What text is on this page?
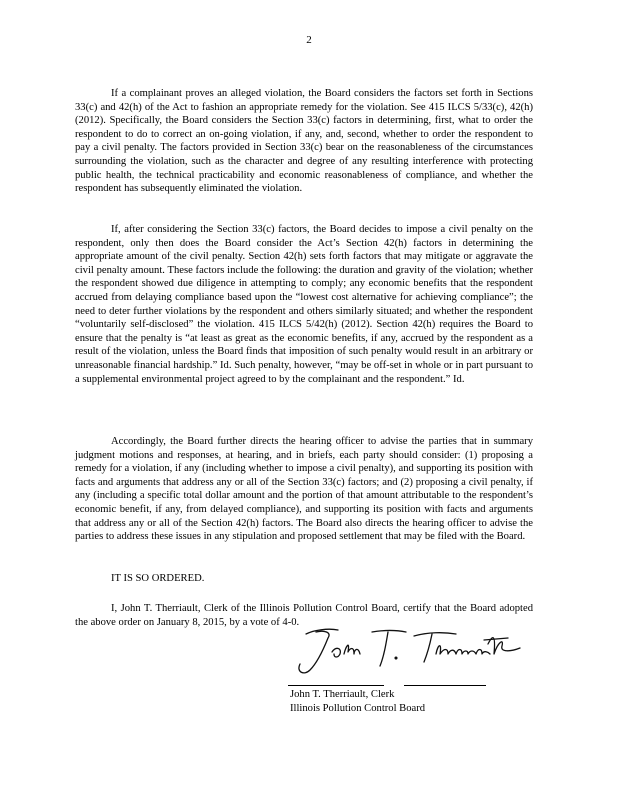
2

If a complainant proves an alleged violation, the Board considers the factors set forth in Sections 33(c) and 42(h) of the Act to fashion an appropriate remedy for the violation. See 415 ILCS 5/33(c), 42(h) (2012). Specifically, the Board considers the Section 33(c) factors in determining, first, what to order the respondent to do to correct an on-going violation, if any, and, second, whether to order the respondent to pay a civil penalty. The factors provided in Section 33(c) bear on the reasonableness of the circumstances surrounding the violation, such as the character and degree of any resulting interference with protecting public health, the technical practicability and economic reasonableness of compliance, and whether the respondent has subsequently eliminated the violation.

If, after considering the Section 33(c) factors, the Board decides to impose a civil penalty on the respondent, only then does the Board consider the Act’s Section 42(h) factors in determining the appropriate amount of the civil penalty. Section 42(h) sets forth factors that may mitigate or aggravate the civil penalty amount. These factors include the following: the duration and gravity of the violation; whether the respondent showed due diligence in attempting to comply; any economic benefits that the respondent accrued from delaying compliance based upon the “lowest cost alternative for achieving compliance”; the need to deter further violations by the respondent and others similarly situated; and whether the respondent “voluntarily self-disclosed” the violation. 415 ILCS 5/42(h) (2012). Section 42(h) requires the Board to ensure that the penalty is “at least as great as the economic benefits, if any, accrued by the respondent as a result of the violation, unless the Board finds that imposition of such penalty would result in an arbitrary or unreasonable financial hardship.” Id. Such penalty, however, “may be off-set in whole or in part pursuant to a supplemental environmental project agreed to by the complainant and the respondent.” Id.

Accordingly, the Board further directs the hearing officer to advise the parties that in summary judgment motions and responses, at hearing, and in briefs, each party should consider: (1) proposing a remedy for a violation, if any (including whether to impose a civil penalty), and supporting its position with facts and arguments that address any or all of the Section 33(c) factors; and (2) proposing a civil penalty, if any (including a specific total dollar amount and the portion of that amount attributable to the respondent’s economic benefit, if any, from delayed compliance), and supporting its position with facts and arguments that address any or all of the Section 42(h) factors. The Board also directs the hearing officer to advise the parties to address these issues in any stipulation and proposed settlement that may be filed with the Board.

IT IS SO ORDERED.

I, John T. Therriault, Clerk of the Illinois Pollution Control Board, certify that the Board adopted the above order on January 8, 2015, by a vote of 4-0.

John T. Therriault, Clerk
Illinois Pollution Control Board
